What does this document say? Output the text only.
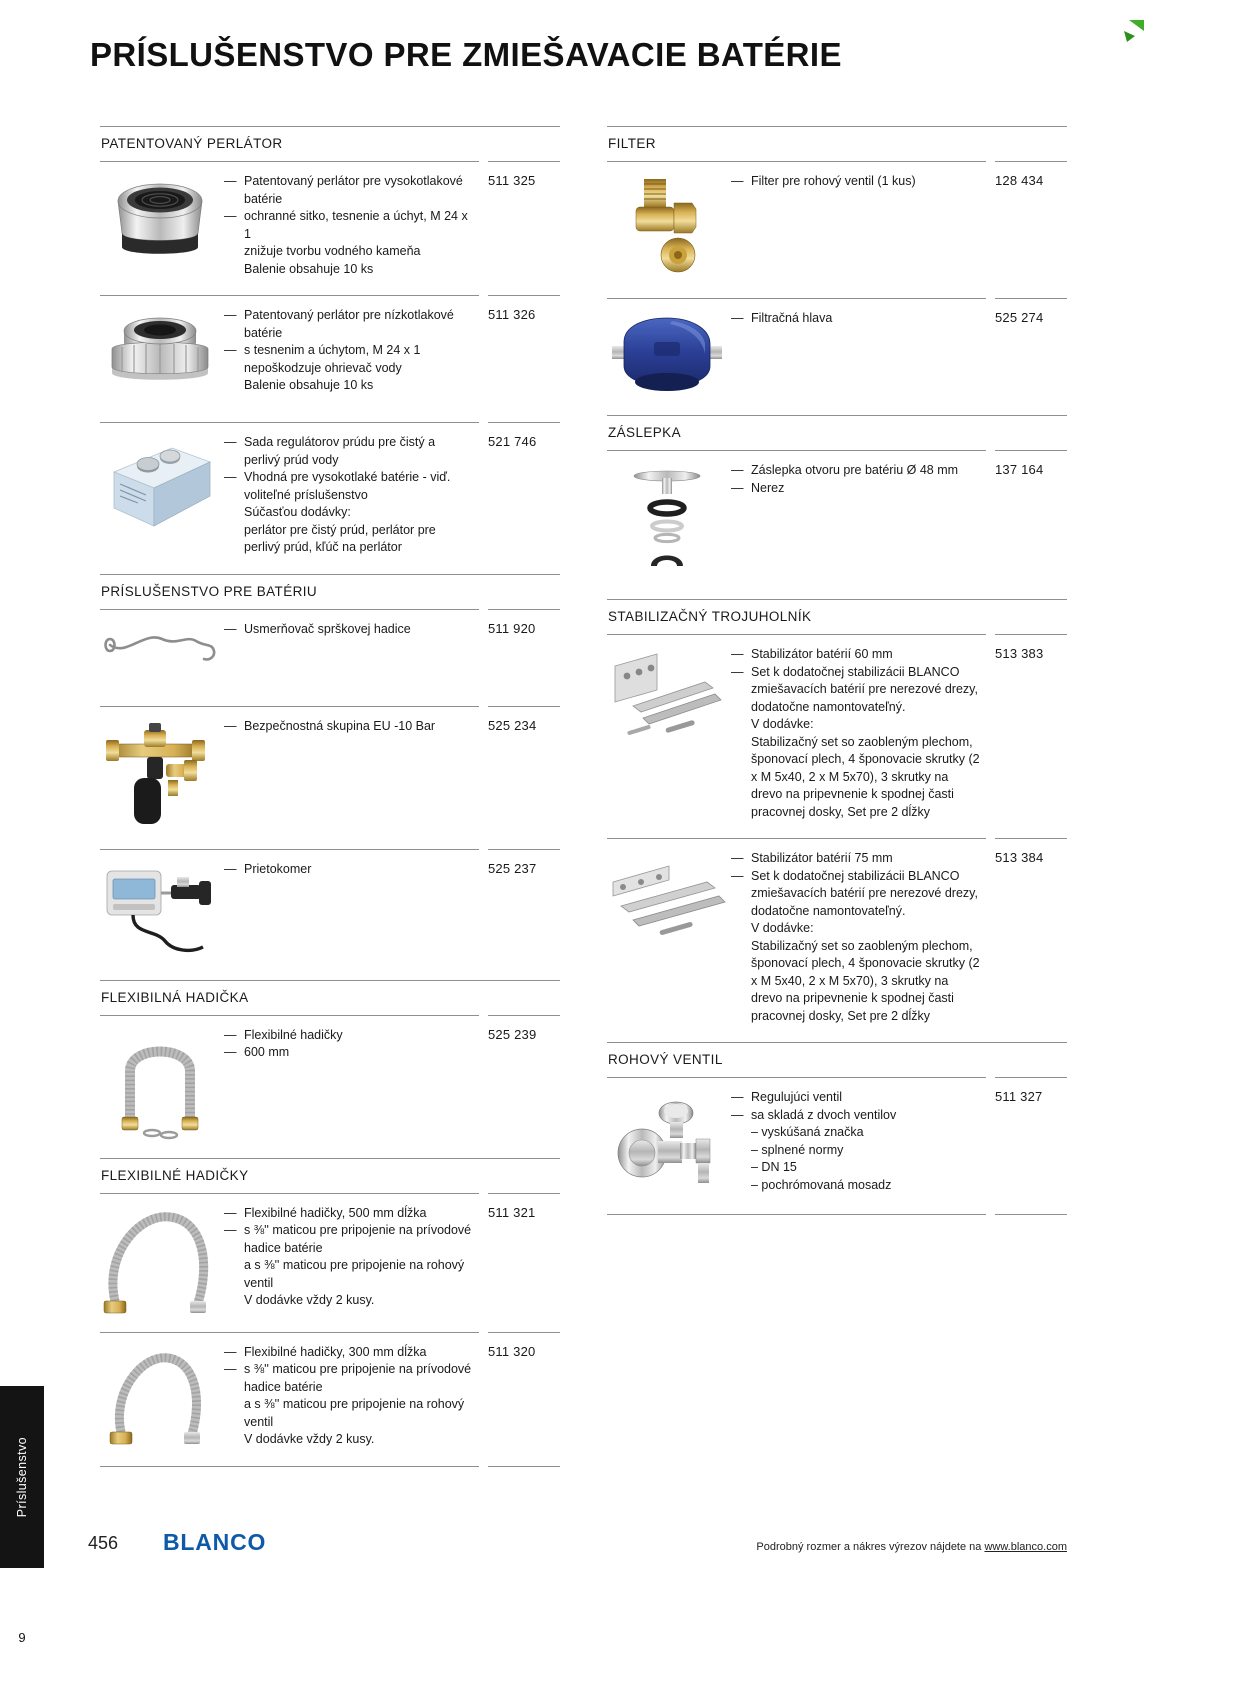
PRÍSLUŠENSTVO PRE ZMIEŠAVACIE BATÉRIE
PATENTOVANÝ PERLÁTOR
— Patentovaný perlátor pre vysokotlakové batérie
— ochranné sitko, tesnenie a úchyt, M 24 x 1
znižuje tvorbu vodného kameňa
Balenie obsahuje 10 ks
511 325
— Patentovaný perlátor pre nízkotlakové batérie
— s tesnenim a úchytom, M 24 x 1
nepoškodzuje ohrievač vody
Balenie obsahuje 10 ks
511 326
— Sada regulátorov prúdu pre čistý a perlivý prúd vody
— Vhodná pre vysokotlaké batérie - viď. voliteľné príslušenstvo
Súčasťou dodávky:
perlátor pre čistý prúd, perlátor pre perlivý prúd, kľúč na perlátor
521 746
PRÍSLUŠENSTVO PRE BATÉRIU
— Usmerňovač sprškovej hadice	511 920
— Bezpečnostná skupina EU -10 Bar	525 234
— Prietokomer	525 237
FLEXIBILNÁ HADIČKA
— Flexibilné hadičky
— 600 mm
525 239
FLEXIBILNÉ HADIČKY
— Flexibilné hadičky, 500 mm dĺžka
— s ⅜'' maticou pre pripojenie na prívodové hadice batérie
a s ⅜'' maticou pre pripojenie na rohový ventil
V dodávke vždy 2 kusy.
511 321
— Flexibilné hadičky, 300 mm dĺžka
— s ⅜'' maticou pre pripojenie na prívodové hadice batérie
a s ⅜'' maticou pre pripojenie na rohový ventil
V dodávke vždy 2 kusy.
511 320
FILTER
— Filter pre rohový ventil (1 kus)	128 434
— Filtračná hlava	525 274
ZÁSLEPKA
— Záslepka otvoru pre batériu Ø 48 mm
— Nerez
137 164
STABILIZAČNÝ TROJUHOLNÍK
— Stabilizátor batérií 60 mm
— Set k dodatočnej stabilizácii BLANCO zmiešavacích batérií pre nerezové drezy, dodatočne namontovateľný.
V dodávke:
Stabilizačný set so zaobleným plechom, šponovací plech, 4 šponovacie skrutky (2 x M 5x40, 2 x M 5x70), 3 skrutky na drevo na pripevnenie k spodnej časti pracovnej dosky, Set pre 2 dĺžky
513 383
— Stabilizátor batérií 75 mm
— Set k dodatočnej stabilizácii BLANCO zmiešavacích batérií pre nerezové drezy, dodatočne namontovateľný.
V dodávke:
Stabilizačný set so zaobleným plechom, šponovací plech, 4 šponovacie skrutky (2 x M 5x40, 2 x M 5x70), 3 skrutky na drevo na pripevnenie k spodnej časti pracovnej dosky, Set pre 2 dĺžky
513 384
ROHOVÝ VENTIL
— Regulujúci ventil
— sa skladá z dvoch ventilov
– vyskúšaná značka
– splnené normy
– DN 15
– pochrómovaná mosadz
511 327
456 BLANCO	Podrobný rozmer a nákres výrezov nájdete na www.blanco.com
Príslušenstvo
9
